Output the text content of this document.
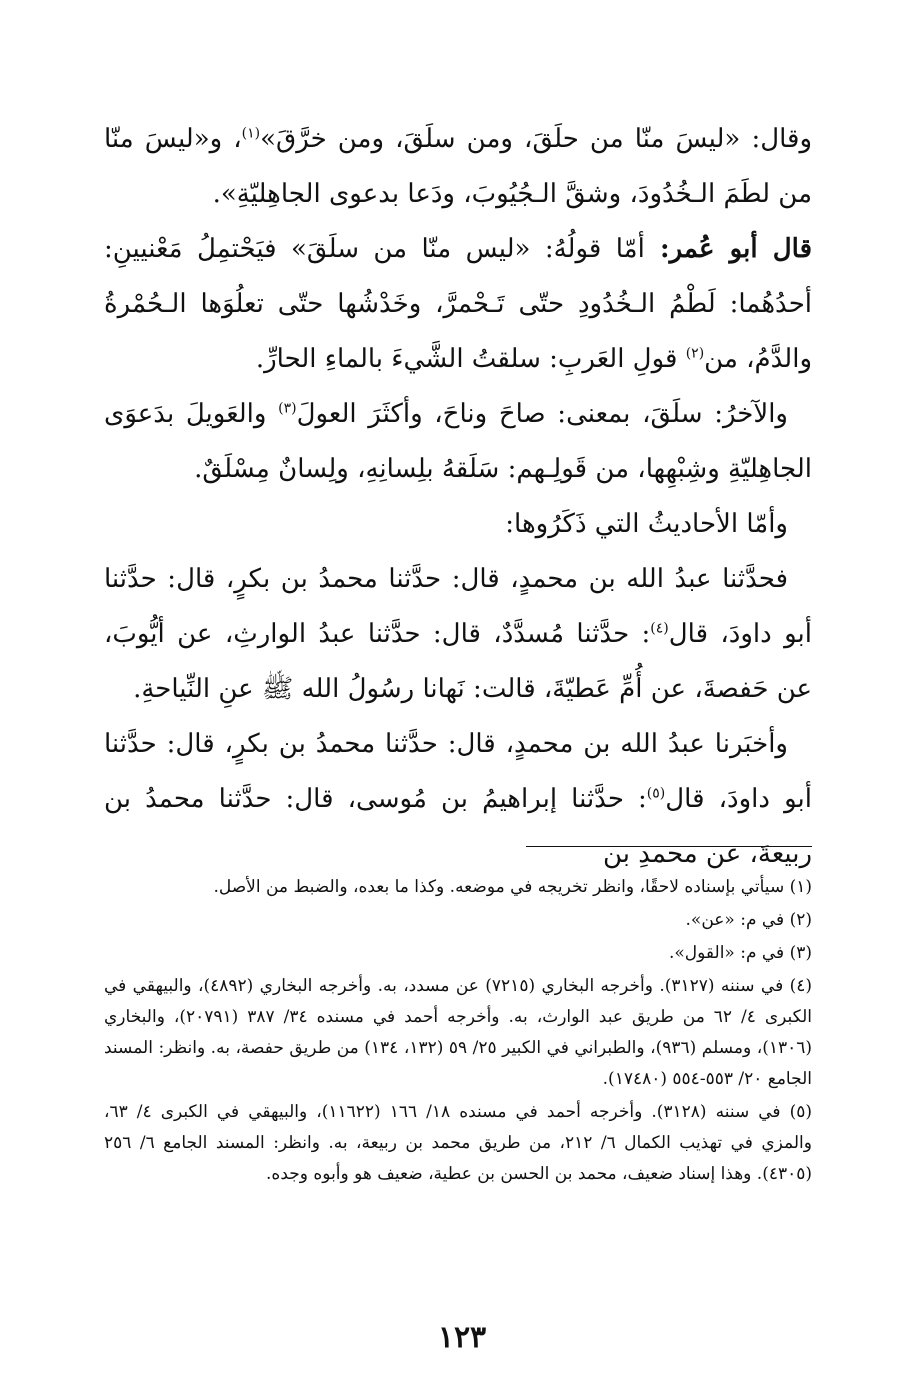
وقال: «ليسَ منّا من حلَقَ، ومن سلَقَ، ومن خرَّقَ»$^{(١)}$، و«ليسَ منّا من لطَمَ الـخُدُودَ، وشقَّ الـجُيُوبَ، ودَعا بدعوى الجاهِليّةِ».

قال أبو عُمر: أمّا قولُهُ: «ليس منّا من سلَقَ» فيَحْتمِلُ مَعْنيينِ: أحدُهُما: لَطْمُ الـخُدُودِ حتّى تَـحْمرَّ، وخَدْشُها حتّى تعلُوَها الـحُمْرةُ والدَّمُ، من$^{(٢)}$ قولِ العَربِ: سلقتُ الشَّيءَ بالماءِ الحارِّ.

والآخرُ: سلَقَ، بمعنى: صاحَ وناحَ، وأكثَرَ العولَ$^{(٣)}$ والعَويلَ بدَعوَى الجاهِليّةِ وشِبْهِها، من قَولِـهم: سَلَقهُ بلِسانِهِ، ولِسانٌ مِسْلَقٌ.

وأمّا الأحاديثُ التي ذَكَرُوها:

فحدَّثنا عبدُ الله بن محمدٍ، قال: حدَّثنا محمدُ بن بكرٍ، قال: حدَّثنا أبو داودَ، قال$^{(٤)}$: حدَّثنا مُسدَّدٌ، قال: حدَّثنا عبدُ الوارثِ، عن أيُّوبَ، عن حَفصةَ، عن أُمِّ عَطيّةَ، قالت: نَهانا رسُولُ الله ﷺ عنِ النِّياحةِ.

وأخبَرنا عبدُ الله بن محمدٍ، قال: حدَّثنا محمدُ بن بكرٍ، قال: حدَّثنا أبو داودَ، قال$^{(٥)}$: حدَّثنا إبراهيمُ بن مُوسى، قال: حدَّثنا محمدُ بن ربيعةَ، عن محمدِ بن

(١) سيأتي بإسناده لاحقًا، وانظر تخريجه في موضعه. وكذا ما بعده، والضبط من الأصل.

(٢) في م: «عن».

(٣) في م: «القول».

(٤) في سننه (٣١٢٧). وأخرجه البخاري (٧٢١٥) عن مسدد، به. وأخرجه البخاري (٤٨٩٢)، والبيهقي في الكبرى ٤/ ٦٢ من طريق عبد الوارث، به. وأخرجه أحمد في مسنده ٣٤/ ٣٨٧ (٢٠٧٩١)، والبخاري (١٣٠٦)، ومسلم (٩٣٦)، والطبراني في الكبير ٢٥/ ٥٩ (١٣٢، ١٣٤) من طريق حفصة، به. وانظر: المسند الجامع ٢٠/ ٥٥٣-٥٥٤ (١٧٤٨٠).

(٥) في سننه (٣١٢٨). وأخرجه أحمد في مسنده ١٨/ ١٦٦ (١١٦٢٢)، والبيهقي في الكبرى ٤/ ٦٣، والمزي في تهذيب الكمال ٦/ ٢١٢، من طريق محمد بن ربيعة، به. وانظر: المسند الجامع ٦/ ٢٥٦ (٤٣٠٥). وهذا إسناد ضعيف، محمد بن الحسن بن عطية، ضعيف هو وأبوه وجده.

١٢٣
